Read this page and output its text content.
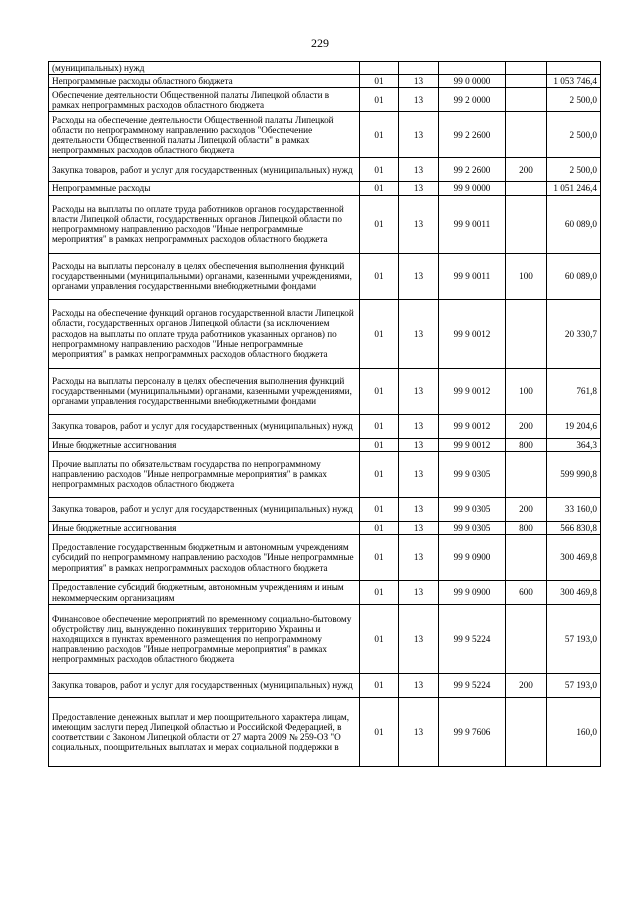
229
(муниципальных) нужд					
Непрограммные расходы областного бюджета	01	13	99 0 0000		1 053 746,4
Обеспечение деятельности Общественной палаты Липецкой области в рамках непрограммных расходов областного бюджета	01	13	99 2 0000		2 500,0
Расходы на обеспечение деятельности Общественной палаты Липецкой области по непрограммному направлению расходов "Обеспечение деятельности Общественной палаты Липецкой области" в рамках непрограммных расходов областного бюджета	01	13	99 2 2600		2 500,0
Закупка товаров, работ и услуг для государственных (муниципальных) нужд	01	13	99 2 2600	200	2 500,0
Непрограммные расходы	01	13	99 9 0000		1 051 246,4
Расходы на выплаты по оплате труда работников органов государственной власти Липецкой области, государственных органов Липецкой области по непрограммному направлению расходов "Иные непрограммные мероприятия" в рамках непрограммных расходов областного бюджета	01	13	99 9 0011		60 089,0
Расходы на выплаты персоналу в целях обеспечения выполнения функций государственными (муниципальными) органами, казенными учреждениями, органами управления государственными внебюджетными фондами	01	13	99 9 0011	100	60 089,0
Расходы на обеспечение функций органов государственной власти Липецкой области, государственных органов Липецкой области (за исключением расходов на выплаты по оплате труда работников указанных органов) по непрограммному направлению расходов "Иные непрограммные мероприятия" в рамках непрограммных расходов областного бюджета	01	13	99 9 0012		20 330,7
Расходы на выплаты персоналу в целях обеспечения выполнения функций государственными (муниципальными) органами, казенными учреждениями, органами управления государственными внебюджетными фондами	01	13	99 9 0012	100	761,8
Закупка товаров, работ и услуг для государственных (муниципальных) нужд	01	13	99 9 0012	200	19 204,6
Иные бюджетные ассигнования	01	13	99 9 0012	800	364,3
Прочие выплаты по обязательствам государства по непрограммному направлению расходов "Иные непрограммные мероприятия" в рамках непрограммных расходов областного бюджета	01	13	99 9 0305		599 990,8
Закупка товаров, работ и услуг для государственных (муниципальных) нужд	01	13	99 9 0305	200	33 160,0
Иные бюджетные ассигнования	01	13	99 9 0305	800	566 830,8
Предоставление государственным бюджетным и автономным учреждениям субсидий по непрограммному направлению расходов "Иные непрограммные мероприятия" в рамках непрограммных расходов областного бюджета	01	13	99 9 0900		300 469,8
Предоставление субсидий бюджетным, автономным учреждениям и иным некоммерческим организациям	01	13	99 9 0900	600	300 469,8
Финансовое обеспечение мероприятий по временному социально-бытовому обустройству лиц, вынужденно покинувших территорию Украины и находящихся в пунктах временного размещения по непрограммному направлению расходов "Иные непрограммные мероприятия" в рамках непрограммных расходов областного бюджета	01	13	99 9 5224		57 193,0
Закупка товаров, работ и услуг для государственных (муниципальных) нужд	01	13	99 9 5224	200	57 193,0
Предоставление денежных выплат и мер поощрительного характера лицам, имеющим заслуги перед Липецкой областью и Российской Федерацией, в соответствии с Законом Липецкой области от 27 марта 2009 № 259-ОЗ "О социальных, поощрительных выплатах и мерах социальной поддержки в	01	13	99 9 7606		160,0
